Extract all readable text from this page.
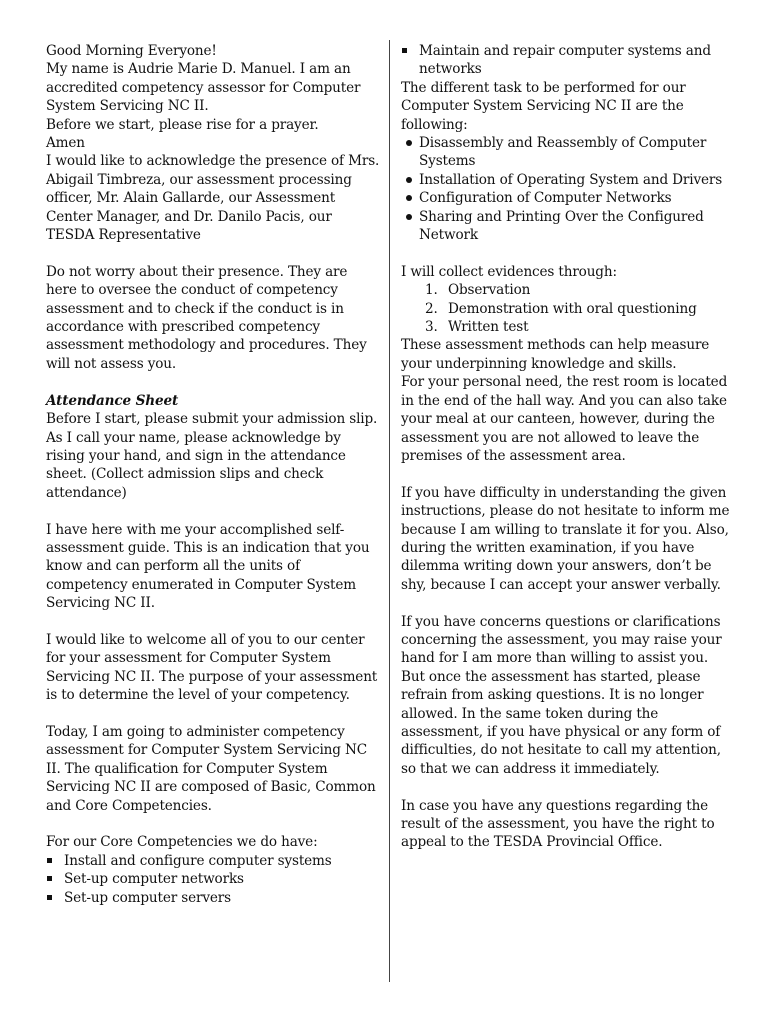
Good Morning Everyone!

My name is Audrie Marie D. Manuel. I am an accredited competency assessor for Computer System Servicing NC II.

Before we start, please rise for a prayer.

Amen

I would like to acknowledge the presence of Mrs. Abigail Timbreza, our assessment processing officer, Mr. Alain Gallarde, our Assessment Center Manager, and Dr. Danilo Pacis, our TESDA Representative

Do not worry about their presence. They are here to oversee the conduct of competency assessment and to check if the conduct is in accordance with prescribed competency assessment methodology and procedures. They will not assess you.

Attendance Sheet

Before I start, please submit your admission slip. As I call your name, please acknowledge by rising your hand, and sign in the attendance sheet. (Collect admission slips and check attendance)

I have here with me your accomplished self-assessment guide. This is an indication that you know and can perform all the units of competency enumerated in Computer System Servicing NC II.

I would like to welcome all of you to our center for your assessment for Computer System Servicing NC II. The purpose of your assessment is to determine the level of your competency.

Today, I am going to administer competency assessment for Computer System Servicing NC II. The qualification for Computer System Servicing NC II are composed of Basic, Common and Core Competencies.

For our Core Competencies we do have:

Install and configure computer systems
Set-up computer networks
Set-up computer servers
Maintain and repair computer systems and networks

The different task to be performed for our Computer System Servicing NC II are the following:

Disassembly and Reassembly of Computer Systems
Installation of Operating System and Drivers
Configuration of Computer Networks
Sharing and Printing Over the Configured Network

I will collect evidences through:

1. Observation
2. Demonstration with oral questioning
3. Written test

These assessment methods can help measure your underpinning knowledge and skills.

For your personal need, the rest room is located in the end of the hall way. And you can also take your meal at our canteen, however, during the assessment you are not allowed to leave the premises of the assessment area.

If you have difficulty in understanding the given instructions, please do not hesitate to inform me because I am willing to translate it for you. Also, during the written examination, if you have dilemma writing down your answers, don’t be shy, because I can accept your answer verbally.

If you have concerns questions or clarifications concerning the assessment, you may raise your hand for I am more than willing to assist you. But once the assessment has started, please refrain from asking questions. It is no longer allowed. In the same token during the assessment, if you have physical or any form of difficulties, do not hesitate to call my attention, so that we can address it immediately.

In case you have any questions regarding the result of the assessment, you have the right to appeal to the TESDA Provincial Office.
